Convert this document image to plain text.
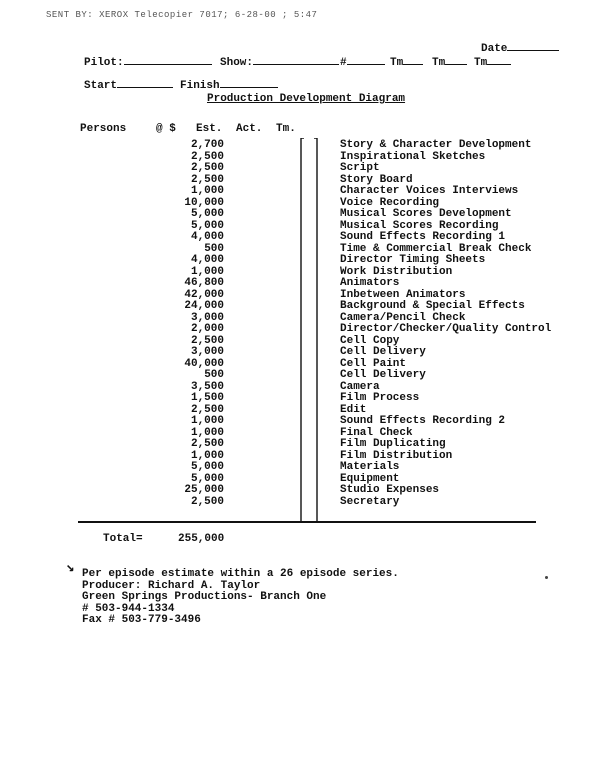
SENT BY: XEROX Telecopier 7017; 6-28-00 ; 5:47
Date
Pilot:	Show:	#	Tm	Tm	Tm
Start	Finish
Production Development Diagram
Persons	@ $ Est. Act. Tm.
2,700	Story & Character Development
2,500	Inspirational Sketches
2,500	Script
2,500	Story Board
1,000	Character Voices Interviews
10,000	Voice Recording
5,000	Musical Scores Development
5,000	Musical Scores Recording
4,000	Sound Effects Recording 1
500	Time & Commercial Break Check
4,000	Director Timing Sheets
1,000	Work Distribution
46,800	Animators
42,000	Inbetween Animators
24,000	Background & Special Effects
3,000	Camera/Pencil Check
2,000	Director/Checker/Quality Control
2,500	Cell Copy
3,000	Cell Delivery
40,000	Cell Paint
500	Cell Delivery
3,500	Camera
1,500	Film Process
2,500	Edit
1,000	Sound Effects Recording 2
1,000	Final Check
2,500	Film Duplicating
1,000	Film Distribution
5,000	Materials
5,000	Equipment
25,000	Studio Expenses
2,500	Secretary
Total=	255,000
↘ Per episode estimate within a 26 episode series.
Producer: Richard A. Taylor
Green Springs Productions- Branch One
# 503-944-1334
Fax # 503-779-3496
